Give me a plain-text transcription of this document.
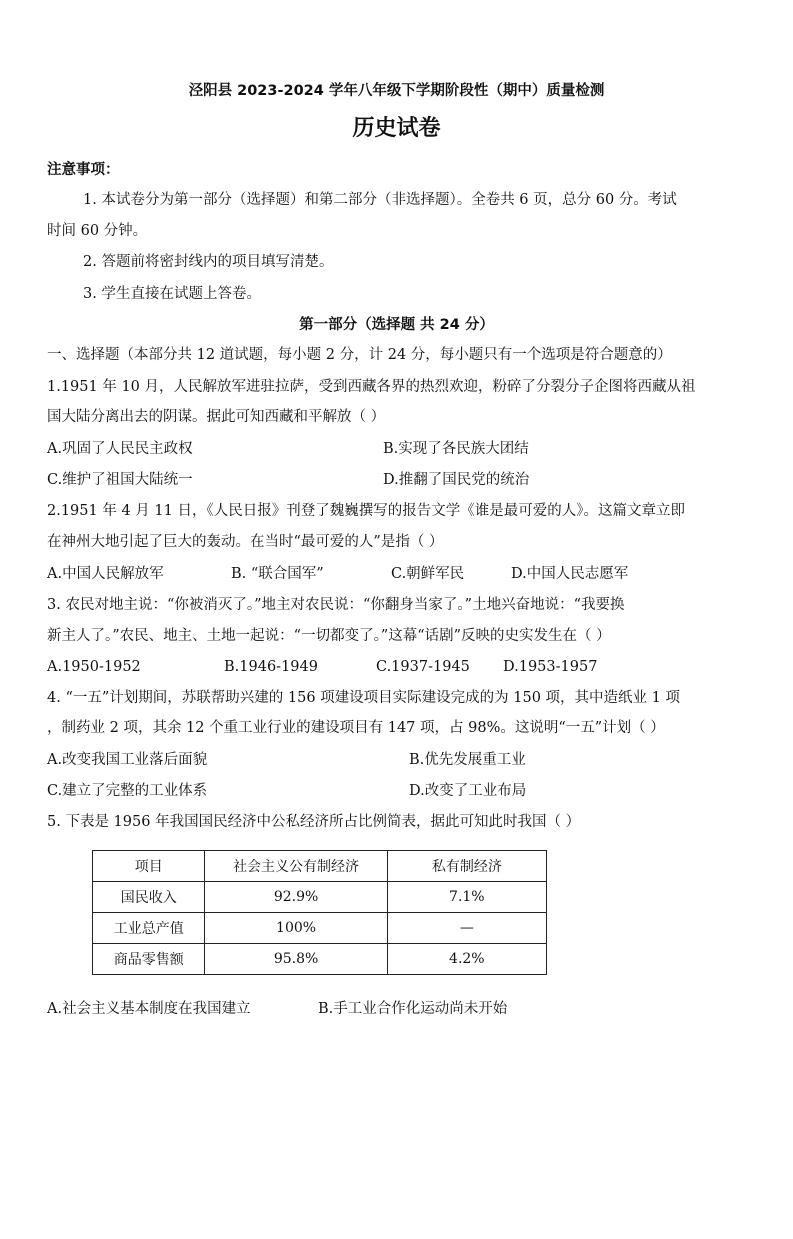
泾阳县 2023-2024 学年八年级下学期阶段性（期中）质量检测
历史试卷
注意事项：
1. 本试卷分为第一部分（选择题）和第二部分（非选择题）。全卷共 6 页，总分 60 分。考试
时间 60 分钟。
2. 答题前将密封线内的项目填写清楚。
3. 学生直接在试题上答卷。
第一部分（选择题 共 24 分）
一、选择题（本部分共 12 道试题，每小题 2 分，计 24 分，每小题只有一个选项是符合题意的）
1.1951 年 10 月，人民解放军进驻拉萨，受到西藏各界的热烈欢迎，粉碎了分裂分子企图将西藏从祖
国大陆分离出去的阴谋。据此可知西藏和平解放（ ）
A.巩固了人民民主政权	B.实现了各民族大团结
C.维护了祖国大陆统一	D.推翻了国民党的统治
2.1951 年 4 月 11 日，《人民日报》刊登了魏巍撰写的报告文学《谁是最可爱的人》。这篇文章立即
在神州大地引起了巨大的轰动。在当时“最可爱的人”是指（ ）
A.中国人民解放军	B. “联合国军”	C.朝鲜军民	D.中国人民志愿军
3. 农民对地主说：“你被消灭了。”地主对农民说：“你翻身当家了。”土地兴奋地说：“我要换
新主人了。”农民、地主、土地一起说：“一切都变了。”这幕“话剧”反映的史实发生在（ ）
A.1950-1952	B.1946-1949	C.1937-1945 D.1953-1957
4. “一五”计划期间，苏联帮助兴建的 156 项建设项目实际建设完成的为 150 项，其中造纸业 1 项
，制药业 2 项，其余 12 个重工业行业的建设项目有 147 项，占 98%。这说明“一五”计划（ ）
A.改变我国工业落后面貌	B.优先发展重工业
C.建立了完整的工业体系	D.改变了工业布局
5. 下表是 1956 年我国国民经济中公私经济所占比例简表，据此可知此时我国（ ）
项目	社会主义公有制经济	私有制经济
国民收入	92.9%	7.1%
工业总产值	100%	—
商品零售额	95.8%	4.2%
A.社会主义基本制度在我国建立	B.手工业合作化运动尚未开始
